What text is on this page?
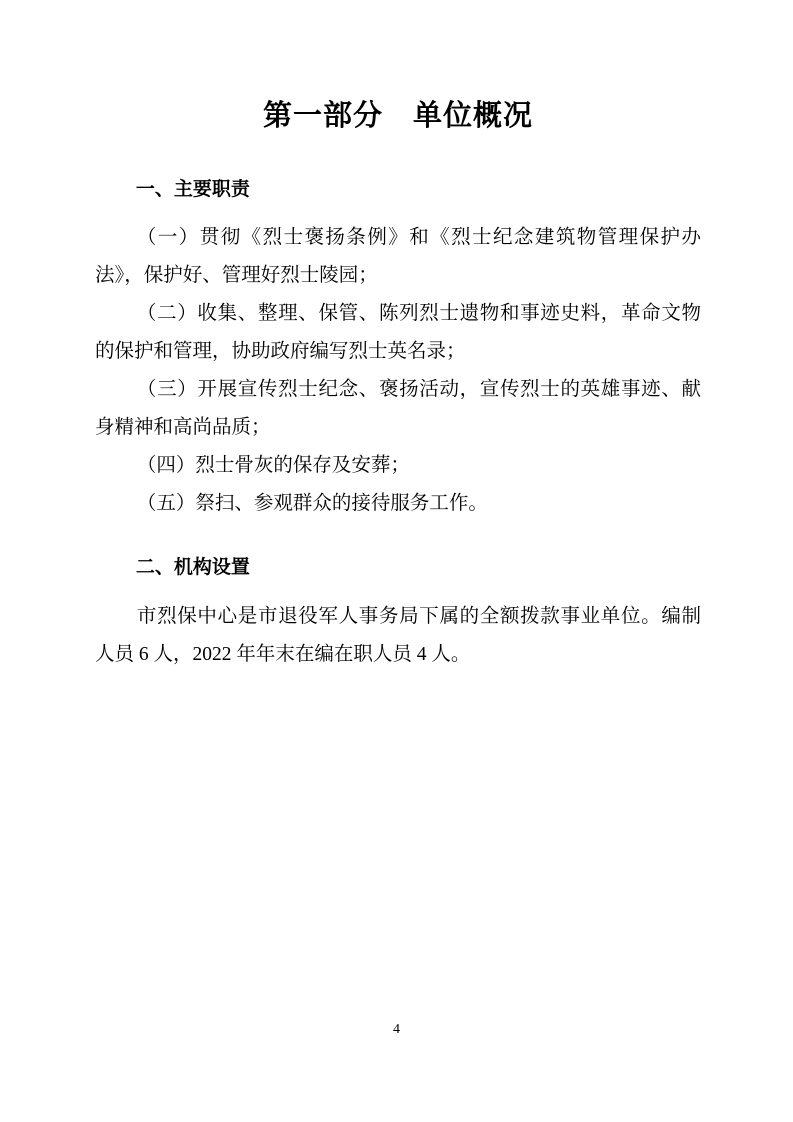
第一部分　单位概况
一、主要职责

（一）贯彻《烈士褒扬条例》和《烈士纪念建筑物管理保护办法》，保护好、管理好烈士陵园；

（二）收集、整理、保管、陈列烈士遗物和事迹史料，革命文物的保护和管理，协助政府编写烈士英名录；

（三）开展宣传烈士纪念、褒扬活动，宣传烈士的英雄事迹、献身精神和高尚品质；

（四）烈士骨灰的保存及安葬；

（五）祭扫、参观群众的接待服务工作。

二、机构设置

市烈保中心是市退役军人事务局下属的全额拨款事业单位。编制人员 6 人，2022 年年末在编在职人员 4 人。

4
